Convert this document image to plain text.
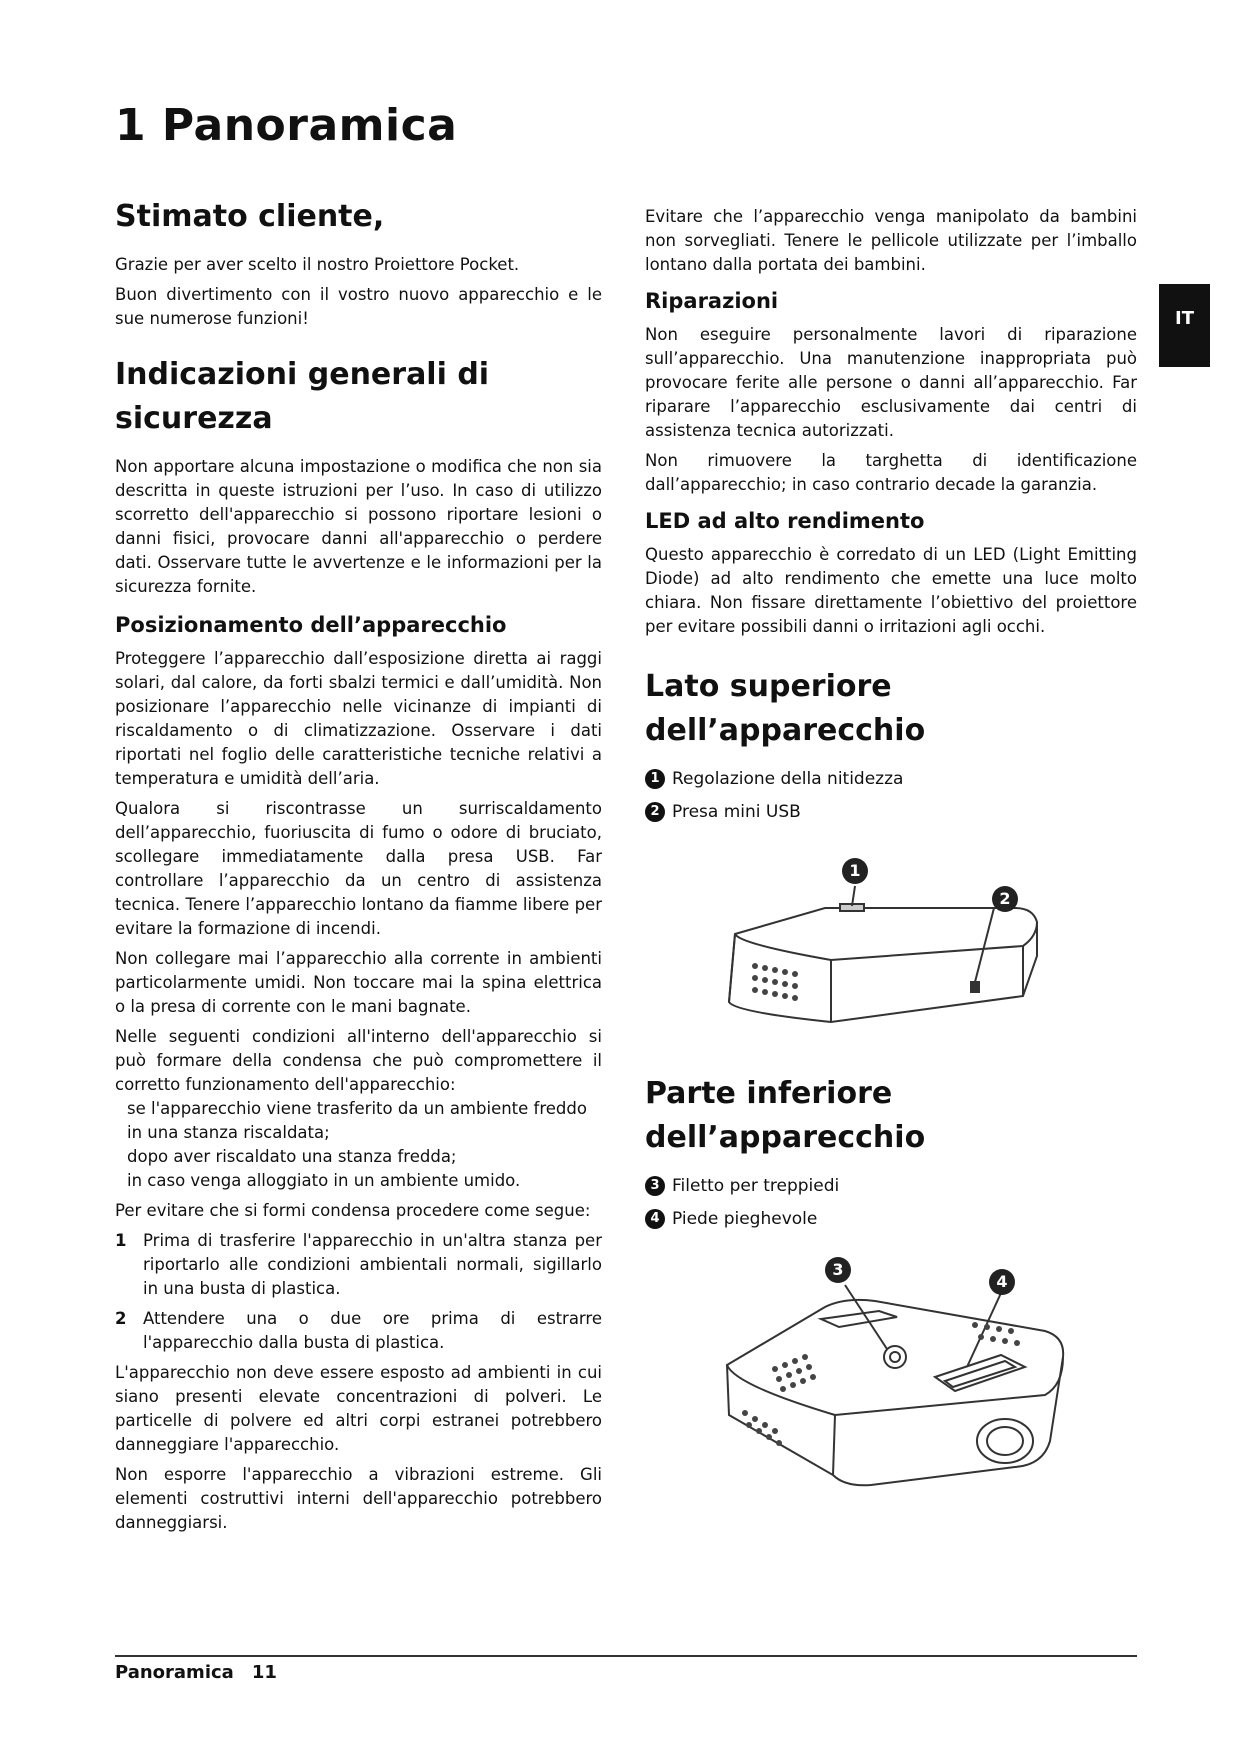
1 Panoramica
IT
Stimato cliente,

Grazie per aver scelto il nostro Proiettore Pocket.

Buon divertimento con il vostro nuovo apparecchio e le sue numerose funzioni!

Indicazioni generali di sicurezza

Non apportare alcuna impostazione o modifica che non sia descritta in queste istruzioni per l’uso. In caso di utilizzo scorretto dell'apparecchio si possono riportare lesioni o danni fisici, provocare danni all'apparecchio o perdere dati. Osservare tutte le avvertenze e le informazioni per la sicurezza fornite.

Posizionamento dell’apparecchio

Proteggere l’apparecchio dall’esposizione diretta ai raggi solari, dal calore, da forti sbalzi termici e dall’umidità. Non posizionare l’apparecchio nelle vicinanze di impianti di riscaldamento o di climatizzazione. Osservare i dati riportati nel foglio delle caratteristiche tecniche relativi a temperatura e umidità dell’aria.

Qualora si riscontrasse un surriscaldamento dell’apparecchio, fuoriuscita di fumo o odore di bruciato, scollegare immediatamente dalla presa USB. Far controllare l’apparecchio da un centro di assistenza tecnica. Tenere l’apparecchio lontano da fiamme libere per evitare la formazione di incendi.

Non collegare mai l’apparecchio alla corrente in ambienti particolarmente umidi. Non toccare mai la spina elettrica o la presa di corrente con le mani bagnate.

Nelle seguenti condizioni all'interno dell'apparecchio si può formare della condensa che può compromettere il corretto funzionamento dell'apparecchio:

se l'apparecchio viene trasferito da un ambiente freddo in una stanza riscaldata;
dopo aver riscaldato una stanza fredda;
in caso venga alloggiato in un ambiente umido.

Per evitare che si formi condensa procedere come segue:

1	Prima di trasferire l'apparecchio in un'altra stanza per riportarlo alle condizioni ambientali normali, sigillarlo in una busta di plastica.
2	Attendere una o due ore prima di estrarre l'apparecchio dalla busta di plastica.

L'apparecchio non deve essere esposto ad ambienti in cui siano presenti elevate concentrazioni di polveri. Le particelle di polvere ed altri corpi estranei potrebbero danneggiare l'apparecchio.

Non esporre l'apparecchio a vibrazioni estreme. Gli elementi costruttivi interni dell'apparecchio potrebbero danneggiarsi.

Evitare che l’apparecchio venga manipolato da bambini non sorvegliati. Tenere le pellicole utilizzate per l’imballo lontano dalla portata dei bambini.

Riparazioni

Non eseguire personalmente lavori di riparazione sull’apparecchio. Una manutenzione inappropriata può provocare ferite alle persone o danni all’apparecchio. Far riparare l’apparecchio esclusivamente dai centri di assistenza tecnica autorizzati.

Non rimuovere la targhetta di identificazione dall’apparecchio; in caso contrario decade la garanzia.

LED ad alto rendimento

Questo apparecchio è corredato di un LED (Light Emitting Diode) ad alto rendimento che emette una luce molto chiara. Non fissare direttamente l’obiettivo del proiettore per evitare possibili danni o irritazioni agli occhi.

Lato superiore dell’apparecchio
1 Regolazione della nitidezza
2 Presa mini USB
1
2
Parte inferiore dell’apparecchio
3 Filetto per treppiedi
4 Piede pieghevole
3
4
Panoramica 11
